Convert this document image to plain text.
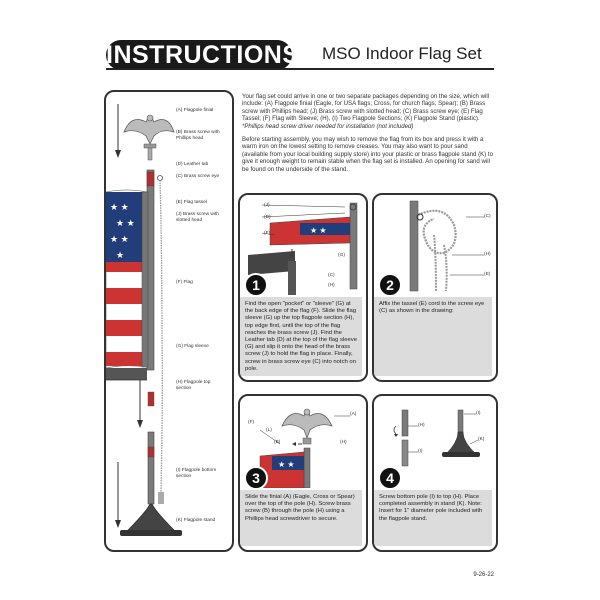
INSTRUCTIONS MSO Indoor Flag Set
★ ★
★ ★
★ ★
★
(A) Flagpole finial
(B) Brass screw with Phillips head
(D) Leather tab
(C) Brass screw eye
(E) Flag tassel
(J) Brass screw with slotted head
(F) Flag
(G) Flag sleeve
(H) Flagpole top section
(I) Flagpole bottom section
(K) Flagpole stand

Your flag set could arrive in one or two separate packages depending on the size, which will include: (A) Flagpole finial (Eagle, for USA flags; Cross, for church flags; Spear); (B) Brass screw with Phillips head; (J) Brass screw with slotted head; (C) Brass screw eye; (E) Flag Tassel; (F) Flag with Sleeve; (H), (I) Two Flagpole Sections; (K) Flagpole Stand (plastic).
*Phillips head screw driver needed for installation (not included)

Before starting assembly, you may wish to remove the flag from its box and press it with a warm iron on the lowest setting to remove creases. You may also want to pour sand (available from your local building supply store) into your plastic or brass flagpole stand (K) to give it enough weight to remain stable when the flag set is installed. An opening for sand will be found on the underside of the stand.

★ ★
(J)
(D)
(F)
(G)
(C)
(H)
1
Find the open "pocket" or "sleeve" (G) at the back edge of the flag (F). Slide the flag sleeve (G) up the top flagpole section (H), top edge first, until the top of the flag reaches the brass screw (J). Find the Leather tab (D) at the top of the flag sleeve (G) and slip it onto the head of the brass screw (J) to hold the flag in place. Finally, screw in brass screw eye (C) into notch on pole.
(C)
(H)
(E)
2
Affix the tassel (E) cord to the screw eye (C) as shown in the drawing:
★ ★
(A)
(F)
(L)
(B)	(H)
3
Slide the finial (A) (Eagle, Cross or Spear) over the top of the pole (H). Screw brass screw (B) through the pole (H) using a Phillips head screwdriver to secure.
(H)
(I)
(I)
(K)
4
Screw bottom pole (I) to top (H). Place completed assembly in stand (K). Note: Insert for 1" diameter pole included with the flagpole stand.
9-26-22
